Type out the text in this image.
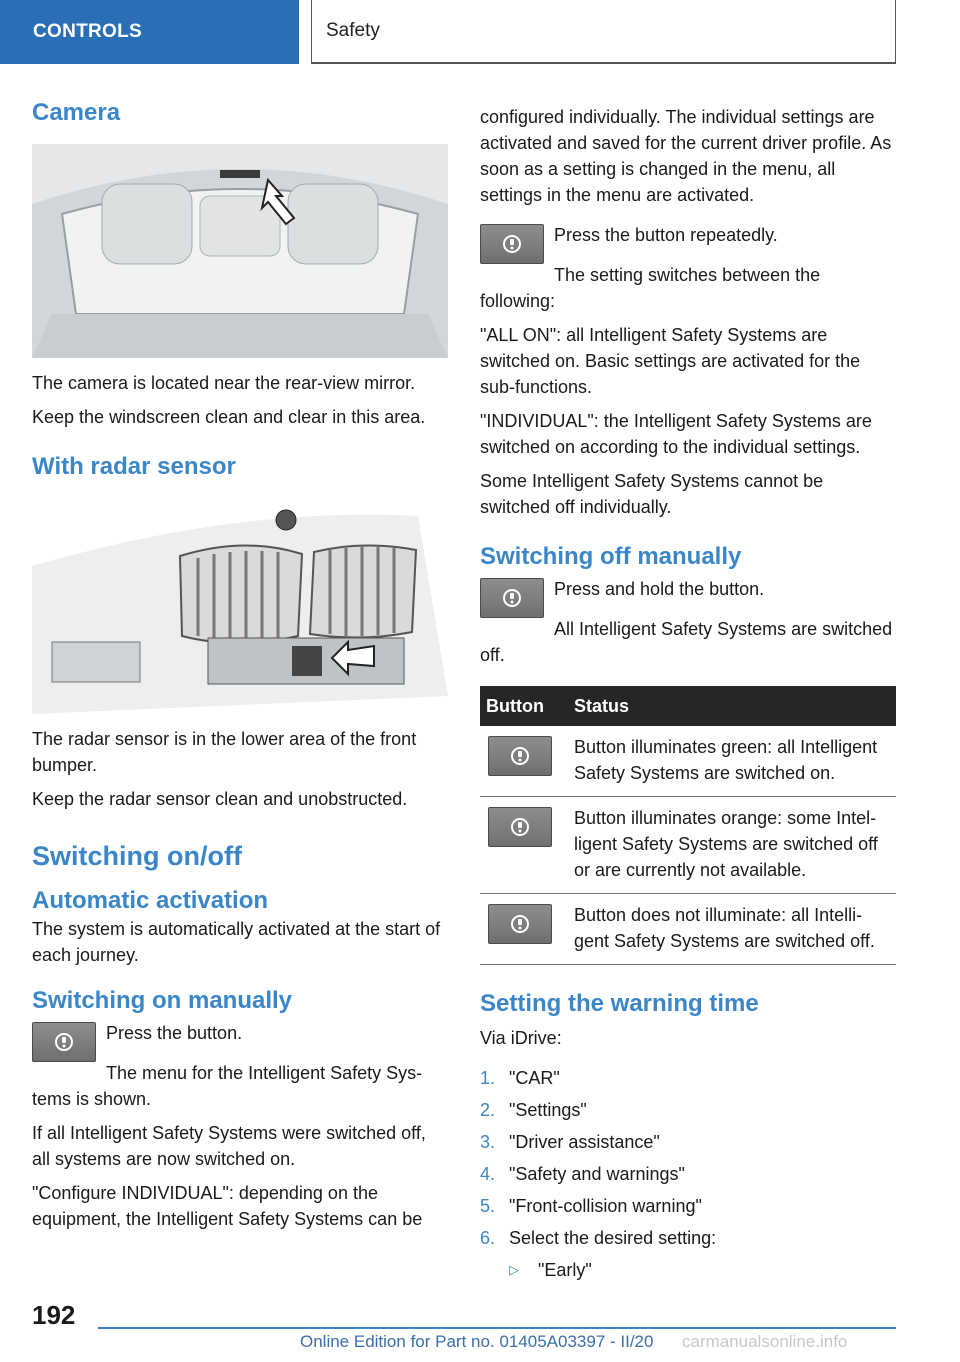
CONTROLS	Safety
Camera

The camera is located near the rear-view mirror.

Keep the windscreen clean and clear in this area.

With radar sensor

The radar sensor is in the lower area of the front bumper.

Keep the radar sensor clean and unobstructed.

Switching on/off
Automatic activation

The system is automatically activated at the start of each journey.

Switching on manually

Press the button.

The menu for the Intelligent Safety Sys‐tems is shown.

If all Intelligent Safety Systems were switched off, all systems are now switched on.

"Configure INDIVIDUAL": depending on the equipment, the Intelligent Safety Systems can be

configured individually. The individual settings are activated and saved for the current driver profile. As soon as a setting is changed in the menu, all settings in the menu are activated.

Press the button repeatedly.

The setting switches between the following:

"ALL ON": all Intelligent Safety Systems are switched on. Basic settings are activated for the sub-functions.

"INDIVIDUAL": the Intelligent Safety Systems are switched on according to the individual settings.

Some Intelligent Safety Systems cannot be switched off individually.

Switching off manually

Press and hold the button.

All Intelligent Safety Systems are switched off.

Button	Status

	Button illuminates green: all Intelligent Safety Systems are switched on.

	Button illuminates orange: some Intel‐ligent Safety Systems are switched off or are currently not available.

	Button does not illuminate: all Intelli‐gent Safety Systems are switched off.
Setting the warning time

Via iDrive:

1. "CAR"
2. "Settings"
3. "Driver assistance"
4. "Safety and warnings"
5. "Front-collision warning"
6. Select the desired setting:
▷	"Early"
192
Online Edition for Part no. 01405A03397 - II/20 carmanualsonline.info
